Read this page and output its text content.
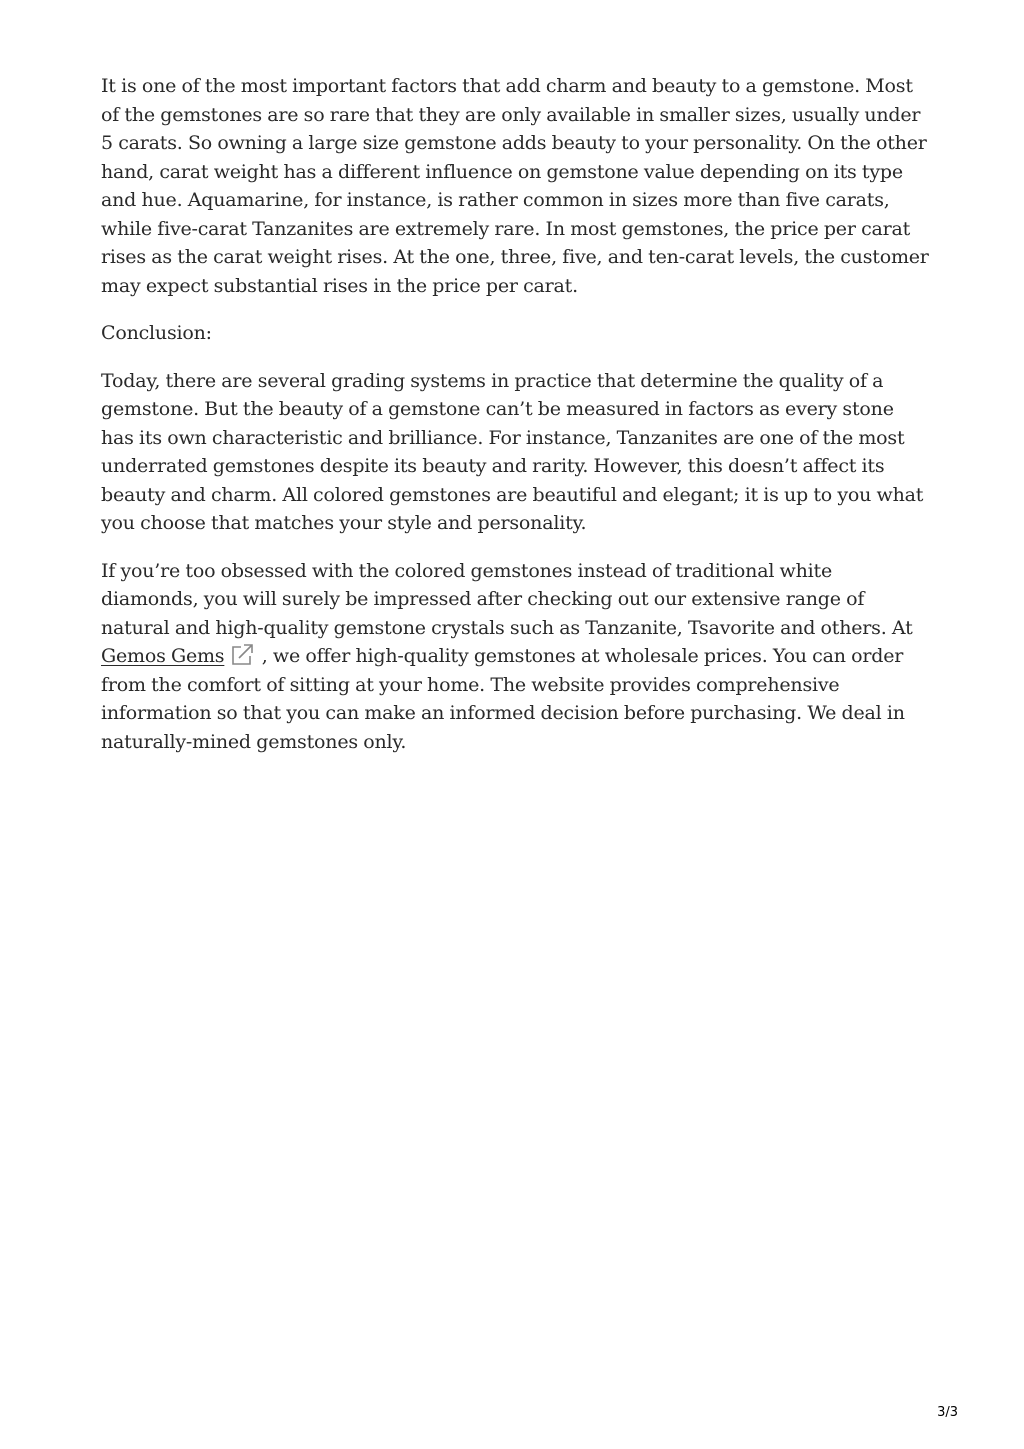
It is one of the most important factors that add charm and beauty to a gemstone. Most of the gemstones are so rare that they are only available in smaller sizes, usually under 5 carats. So owning a large size gemstone adds beauty to your personality. On the other hand, carat weight has a different influence on gemstone value depending on its type and hue. Aquamarine, for instance, is rather common in sizes more than five carats, while five-carat Tanzanites are extremely rare. In most gemstones, the price per carat rises as the carat weight rises. At the one, three, five, and ten-carat levels, the customer may expect substantial rises in the price per carat.

Conclusion:

Today, there are several grading systems in practice that determine the quality of a gemstone. But the beauty of a gemstone can’t be measured in factors as every stone has its own characteristic and brilliance. For instance, Tanzanites are one of the most underrated gemstones despite its beauty and rarity. However, this doesn’t affect its beauty and charm. All colored gemstones are beautiful and elegant; it is up to you what you choose that matches your style and personality.

If you’re too obsessed with the colored gemstones instead of traditional white diamonds, you will surely be impressed after checking out our extensive range of natural and high-quality gemstone crystals such as Tanzanite, Tsavorite and others. At Gemos Gems , we offer high-quality gemstones at wholesale prices. You can order from the comfort of sitting at your home. The website provides comprehensive information so that you can make an informed decision before purchasing. We deal in naturally-mined gemstones only.

3/3
